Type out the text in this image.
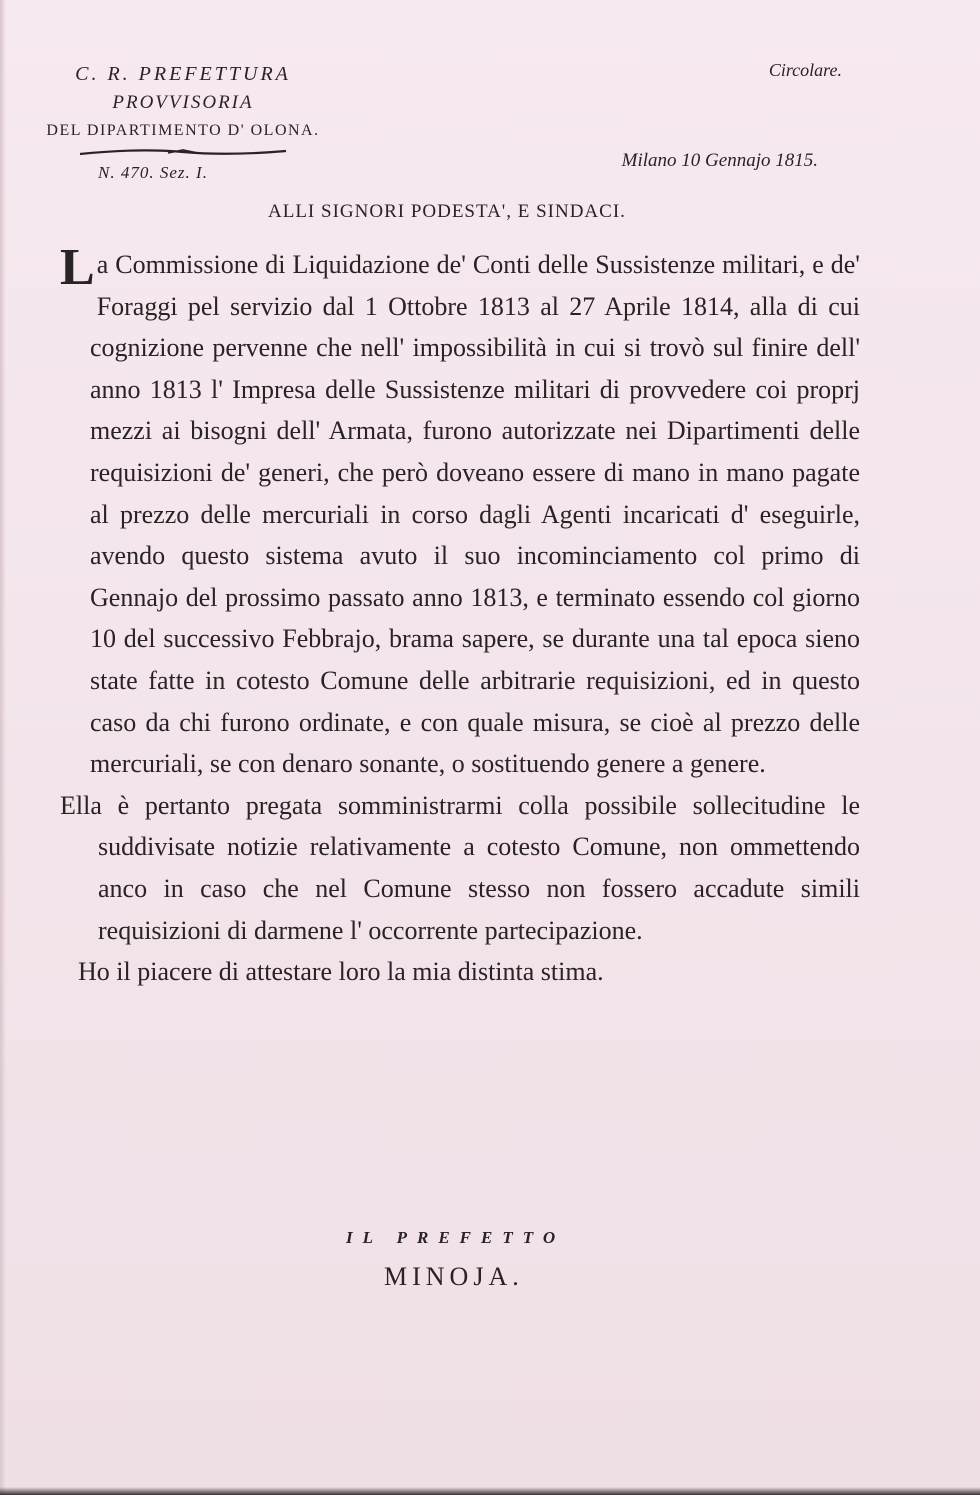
C. R. PREFETTURA
PROVVISORIA
DEL DIPARTIMENTO D' OLONA.
N. 470. Sez. I.
Circolare.
Milano 10 Gennajo 1815.
ALLI SIGNORI PODESTA', E SINDACI.

La Commissione di Liquidazione de' Conti delle Sussistenze militari, e de' Foraggi pel servizio dal 1 Ottobre 1813 al 27 Aprile 1814, alla di cui cognizione pervenne che nell' impossibilità in cui si trovò sul finire dell' anno 1813 l' Impresa delle Sussistenze militari di provvedere coi proprj mezzi ai bisogni dell' Armata, furono autorizzate nei Dipartimenti delle requisizioni de' generi, che però doveano essere di mano in mano pagate al prezzo delle mercuriali in corso dagli Agenti incaricati d' eseguirle, avendo questo sistema avuto il suo incominciamento col primo di Gennajo del prossimo passato anno 1813, e terminato essendo col giorno 10 del successivo Febbrajo, brama sapere, se durante una tal epoca sieno state fatte in cotesto Comune delle arbitrarie requisizioni, ed in questo caso da chi furono ordinate, e con quale misura, se cioè al prezzo delle mercuriali, se con denaro sonante, o sostituendo genere a genere.

Ella è pertanto pregata somministrarmi colla possibile sollecitudine le suddivisate notizie relativamente a cotesto Comune, non ommettendo anco in caso che nel Comune stesso non fossero accadute simili requisizioni di darmene l' occorrente partecipazione.

Ho il piacere di attestare loro la mia distinta stima.

IL PREFETTO
MINOJA.
